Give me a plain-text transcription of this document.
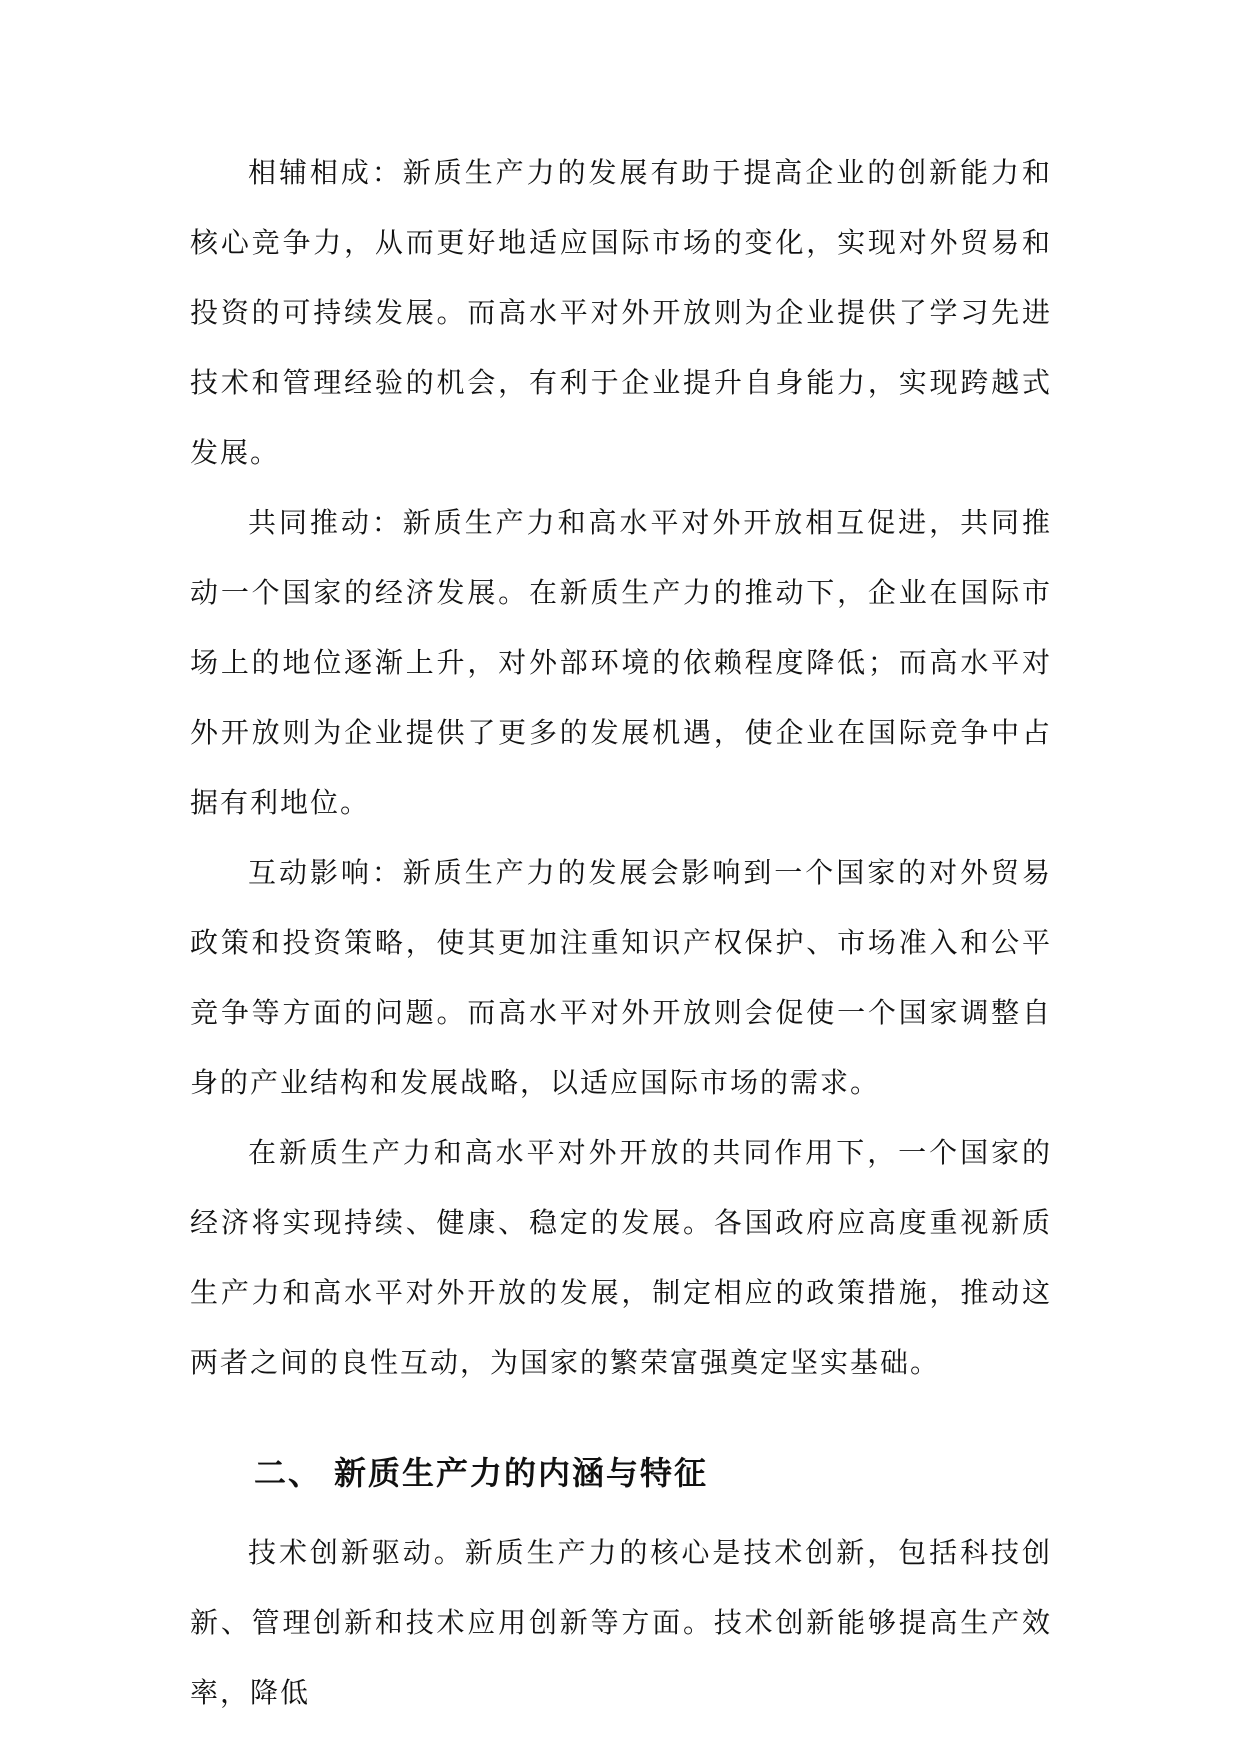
相辅相成：新质生产力的发展有助于提高企业的创新能力和核心竞争力，从而更好地适应国际市场的变化，实现对外贸易和投资的可持续发展。而高水平对外开放则为企业提供了学习先进技术和管理经验的机会，有利于企业提升自身能力，实现跨越式发展。

共同推动：新质生产力和高水平对外开放相互促进，共同推动一个国家的经济发展。在新质生产力的推动下，企业在国际市场上的地位逐渐上升，对外部环境的依赖程度降低；而高水平对外开放则为企业提供了更多的发展机遇，使企业在国际竞争中占据有利地位。

互动影响：新质生产力的发展会影响到一个国家的对外贸易政策和投资策略，使其更加注重知识产权保护、市场准入和公平竞争等方面的问题。而高水平对外开放则会促使一个国家调整自身的产业结构和发展战略，以适应国际市场的需求。

在新质生产力和高水平对外开放的共同作用下，一个国家的经济将实现持续、健康、稳定的发展。各国政府应高度重视新质生产力和高水平对外开放的发展，制定相应的政策措施，推动这两者之间的良性互动，为国家的繁荣富强奠定坚实基础。

二、 新质生产力的内涵与特征

技术创新驱动。新质生产力的核心是技术创新，包括科技创新、管理创新和技术应用创新等方面。技术创新能够提高生产效率，降低
